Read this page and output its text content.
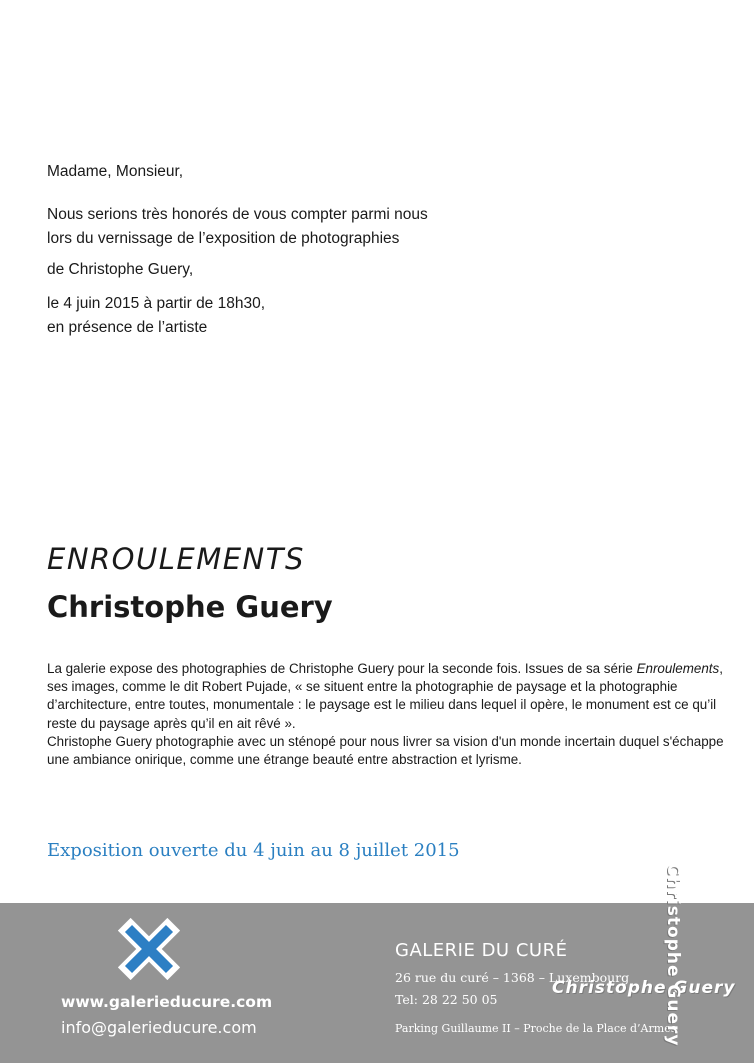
Madame, Monsieur,

Nous serions très honorés de vous compter parmi nous

lors du vernissage de l’exposition de photographies

de Christophe Guery,

le 4 juin 2015 à partir de 18h30,

en présence de l’artiste

ENROULEMENTS
Christophe Guery

La galerie expose des photographies de Christophe Guery pour la seconde fois. Issues de sa série Enroulements, ses images, comme le dit Robert Pujade, « se situent entre la photographie de paysage et la photographie d’architecture, entre toutes, monumentale : le paysage est le milieu dans lequel il opère, le monument est ce qu’il reste du paysage après qu’il en ait rêvé ».

Christophe Guery photographie avec un sténopé pour nous livrer sa vision d'un monde incertain duquel s'échappe une ambiance onirique, comme une étrange beauté entre abstraction et lyrisme.

Exposition ouverte du 4 juin au 8 juillet 2015
www.galerieducure.com
info@galerieducure.com
GALERIE DU CURÉ
26 rue du curé – 1368 – Luxembourg
Tel: 28 22 50 05
Parking Guillaume II – Proche de la Place d’Armes
Christophe Guery
Christophe Guery
